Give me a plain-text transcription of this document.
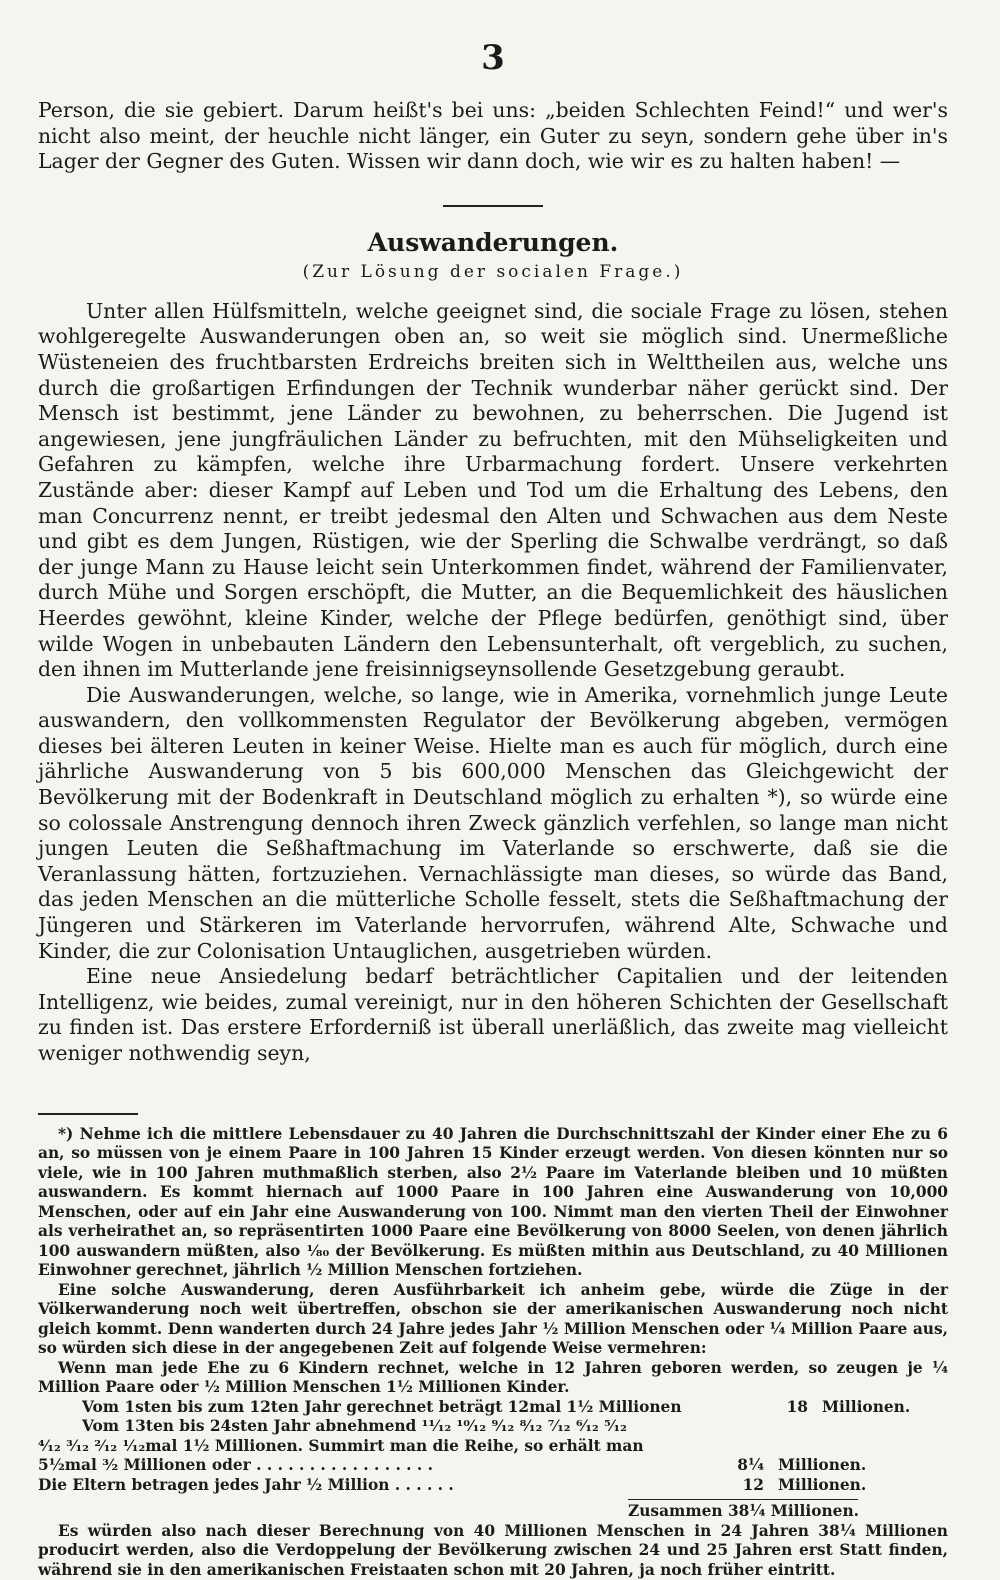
3

Person, die sie gebiert. Darum heißt's bei uns: „beiden Schlechten Feind!“ und wer's nicht also meint, der heuchle nicht länger, ein Guter zu seyn, sondern gehe über in's Lager der Gegner des Guten. Wissen wir dann doch, wie wir es zu halten haben! —

Auswanderungen.
(Zur Lösung der socialen Frage.)

Unter allen Hülfsmitteln, welche geeignet sind, die sociale Frage zu lösen, stehen wohlgeregelte Auswanderungen oben an, so weit sie möglich sind. Unermeßliche Wüsteneien des fruchtbarsten Erdreichs breiten sich in Welttheilen aus, welche uns durch die großartigen Erfindungen der Technik wunderbar näher gerückt sind. Der Mensch ist bestimmt, jene Länder zu bewohnen, zu beherrschen. Die Jugend ist angewiesen, jene jungfräulichen Länder zu befruchten, mit den Mühseligkeiten und Gefahren zu kämpfen, welche ihre Urbarmachung fordert. Unsere verkehrten Zustände aber: dieser Kampf auf Leben und Tod um die Erhaltung des Lebens, den man Concurrenz nennt, er treibt jedesmal den Alten und Schwachen aus dem Neste und gibt es dem Jungen, Rüstigen, wie der Sperling die Schwalbe verdrängt, so daß der junge Mann zu Hause leicht sein Unterkommen findet, während der Familienvater, durch Mühe und Sorgen erschöpft, die Mutter, an die Bequemlichkeit des häuslichen Heerdes gewöhnt, kleine Kinder, welche der Pflege bedürfen, genöthigt sind, über wilde Wogen in unbebauten Ländern den Lebensunterhalt, oft vergeblich, zu suchen, den ihnen im Mutterlande jene freisinnigseynsollende Gesetzgebung geraubt.

Die Auswanderungen, welche, so lange, wie in Amerika, vornehmlich junge Leute auswandern, den vollkommensten Regulator der Bevölkerung abgeben, vermögen dieses bei älteren Leuten in keiner Weise. Hielte man es auch für möglich, durch eine jährliche Auswanderung von 5 bis 600,000 Menschen das Gleichgewicht der Bevölkerung mit der Bodenkraft in Deutschland möglich zu erhalten *), so würde eine so colossale Anstrengung dennoch ihren Zweck gänzlich verfehlen, so lange man nicht jungen Leuten die Seßhaftmachung im Vaterlande so erschwerte, daß sie die Veranlassung hätten, fortzuziehen. Vernachlässigte man dieses, so würde das Band, das jeden Menschen an die mütterliche Scholle fesselt, stets die Seßhaftmachung der Jüngeren und Stärkeren im Vaterlande hervorrufen, während Alte, Schwache und Kinder, die zur Colonisation Untauglichen, ausgetrieben würden.

Eine neue Ansiedelung bedarf beträchtlicher Capitalien und der leitenden Intelligenz, wie beides, zumal vereinigt, nur in den höheren Schichten der Gesellschaft zu finden ist. Das erstere Erforderniß ist überall unerläßlich, das zweite mag vielleicht weniger nothwendig seyn,

*) Nehme ich die mittlere Lebensdauer zu 40 Jahren die Durchschnittszahl der Kinder einer Ehe zu 6 an, so müssen von je einem Paare in 100 Jahren 15 Kinder erzeugt werden. Von diesen könnten nur so viele, wie in 100 Jahren muthmaßlich sterben, also 2½ Paare im Vaterlande bleiben und 10 müßten auswandern. Es kommt hiernach auf 1000 Paare in 100 Jahren eine Auswanderung von 10,000 Menschen, oder auf ein Jahr eine Auswanderung von 100. Nimmt man den vierten Theil der Einwohner als verheirathet an, so repräsentirten 1000 Paare eine Bevölkerung von 8000 Seelen, von denen jährlich 100 auswandern müßten, also ¹⁄₈₀ der Bevölkerung. Es müßten mithin aus Deutschland, zu 40 Millionen Einwohner gerechnet, jährlich ½ Million Menschen fortziehen.

Eine solche Auswanderung, deren Ausführbarkeit ich anheim gebe, würde die Züge in der Völkerwanderung noch weit übertreffen, obschon sie der amerikanischen Auswanderung noch nicht gleich kommt. Denn wanderten durch 24 Jahre jedes Jahr ½ Million Menschen oder ¼ Million Paare aus, so würden sich diese in der angegebenen Zeit auf folgende Weise vermehren:

Wenn man jede Ehe zu 6 Kindern rechnet, welche in 12 Jahren geboren werden, so zeugen je ¼ Million Paare oder ½ Million Menschen 1½ Millionen Kinder.

Vom 1sten bis zum 12ten Jahr gerechnet beträgt 12mal 1½ Millionen	18 Millionen.
Vom 13ten bis 24sten Jahr abnehmend ¹¹⁄₁₂ ¹⁰⁄₁₂ ⁹⁄₁₂ ⁸⁄₁₂ ⁷⁄₁₂ ⁶⁄₁₂ ⁵⁄₁₂
⁴⁄₁₂ ³⁄₁₂ ²⁄₁₂ ¹⁄₁₂mal 1½ Millionen. Summirt man die Reihe, so erhält man
5½mal ³⁄₂ Millionen oder . . . . . . . . . . . . . . . . .	8¼ Millionen.
Die Eltern betragen jedes Jahr ½ Million . . . . . .	12 Millionen.
Zusammen 38¼ Millionen.

Es würden also nach dieser Berechnung von 40 Millionen Menschen in 24 Jahren 38¼ Millionen producirt werden, also die Verdoppelung der Bevölkerung zwischen 24 und 25 Jahren erst Statt finden, während sie in den amerikanischen Freistaaten schon mit 20 Jahren, ja noch früher eintritt.
